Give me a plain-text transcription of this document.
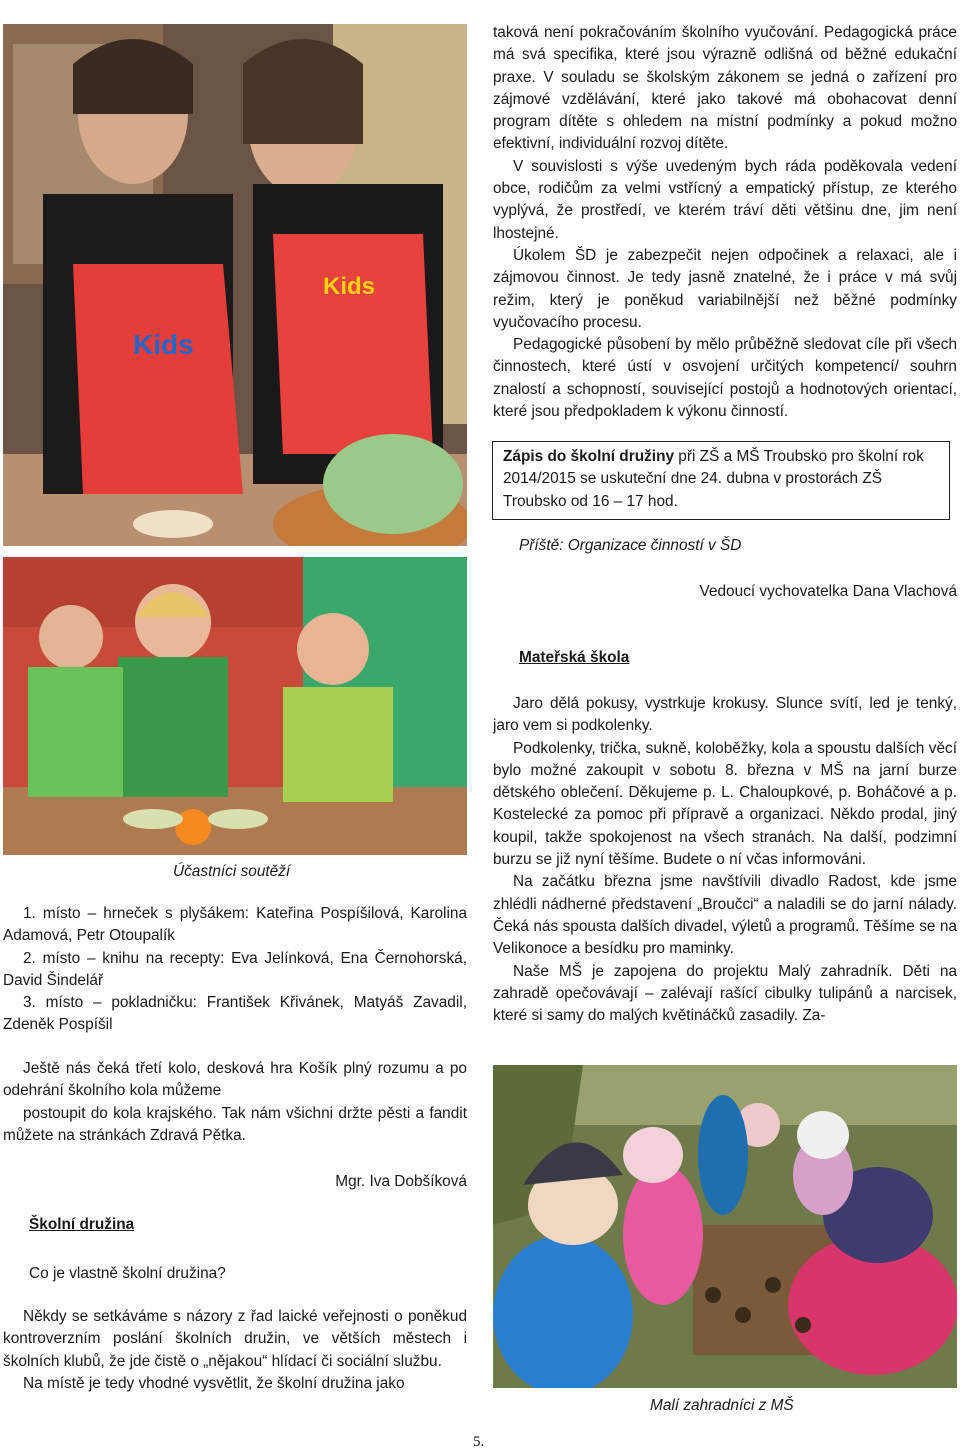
Kids
Kids

taková není pokračováním školního vyučování. Pedagogická práce má svá specifika, které jsou výrazně odlišná od běžné edukační praxe. V souladu se školským zákonem se jedná o zařízení pro zájmové vzdělávání, které jako takové má obohacovat denní program dítěte s ohledem na místní podmínky a pokud možno efektivní, individuální rozvoj dítěte.

V souvislosti s výše uvedeným bych ráda poděkovala vedení obce, rodičům za velmi vstřícný a empatický přístup, ze kterého vyplývá, že prostředí, ve kterém tráví děti většinu dne, jim není lhostejné.

Úkolem ŠD je zabezpečit nejen odpočinek a relaxaci, ale i zájmovou činnost. Je tedy jasně znatelné, že i práce v má svůj režim, který je poněkud variabilnější než běžné podmínky vyučovacího procesu.

Pedagogické působení by mělo průběžně sledovat cíle při všech činnostech, které ústí v osvojení určitých kompetencí/ souhrn znalostí a schopností, související postojů a hodnotových orientací, které jsou předpokladem k výkonu činností.

Zápis do školní družiny při ZŠ a MŠ Troubsko pro školní rok 2014/2015 se uskuteční dne 24. dubna v prostorách ZŠ Troubsko od 16 – 17 hod.
Příště: Organizace činností v ŠD
Vedoucí vychovatelka Dana Vlachová
Mateřská škola

Jaro dělá pokusy, vystrkuje krokusy. Slunce svítí, led je tenký, jaro vem si podkolenky.

Podkolenky, trička, sukně, koloběžky, kola a spoustu dalších věcí bylo možné zakoupit v sobotu 8. března v MŠ na jarní burze dětského oblečení. Děkujeme p. L. Chaloupkové, p. Boháčové a p. Kostelecké za pomoc při přípravě a organizaci. Někdo prodal, jiný koupil, takže spokojenost na všech stranách. Na další, podzimní burzu se již nyní těšíme. Budete o ní včas informováni.

Na začátku března jsme navštívili divadlo Radost, kde jsme zhlédli nádherné představení „Broučci“ a naladili se do jarní nálady. Čeká nás spousta dalších divadel, výletů a programů. Těšíme se na Velikonoce a besídku pro maminky.

Naše MŠ je zapojena do projektu Malý zahradník. Děti na zahradě opečovávají – zalévají rašící cibulky tulipánů a narcisek, které si samy do malých květináčků zasadily. Za-

Malí zahradníci z MŠ
Účastníci soutěží

1. místo – hrneček s plyšákem: Kateřina Pospíšilová, Karolina Adamová, Petr Otoupalík

2. místo – knihu na recepty: Eva Jelínková, Ena Černohorská, David Šindelář

3. místo – pokladničku: František Křivánek, Matyáš Zavadil, Zdeněk Pospíšil

Ještě nás čeká třetí kolo, desková hra Košík plný rozumu a po odehrání školního kola můžeme

postoupit do kola krajského. Tak nám všichni držte pěsti a fandit můžete na stránkách Zdravá Pětka.

Mgr. Iva Dobšíková
Školní družina
Co je vlastně školní družina?

Někdy se setkáváme s názory z řad laické veřejnosti o poněkud kontroverzním poslání školních družin, ve větších městech i školních klubů, že jde čistě o „nějakou“ hlídací či sociální službu.

Na místě je tedy vhodné vysvětlit, že školní družina jako

5.
